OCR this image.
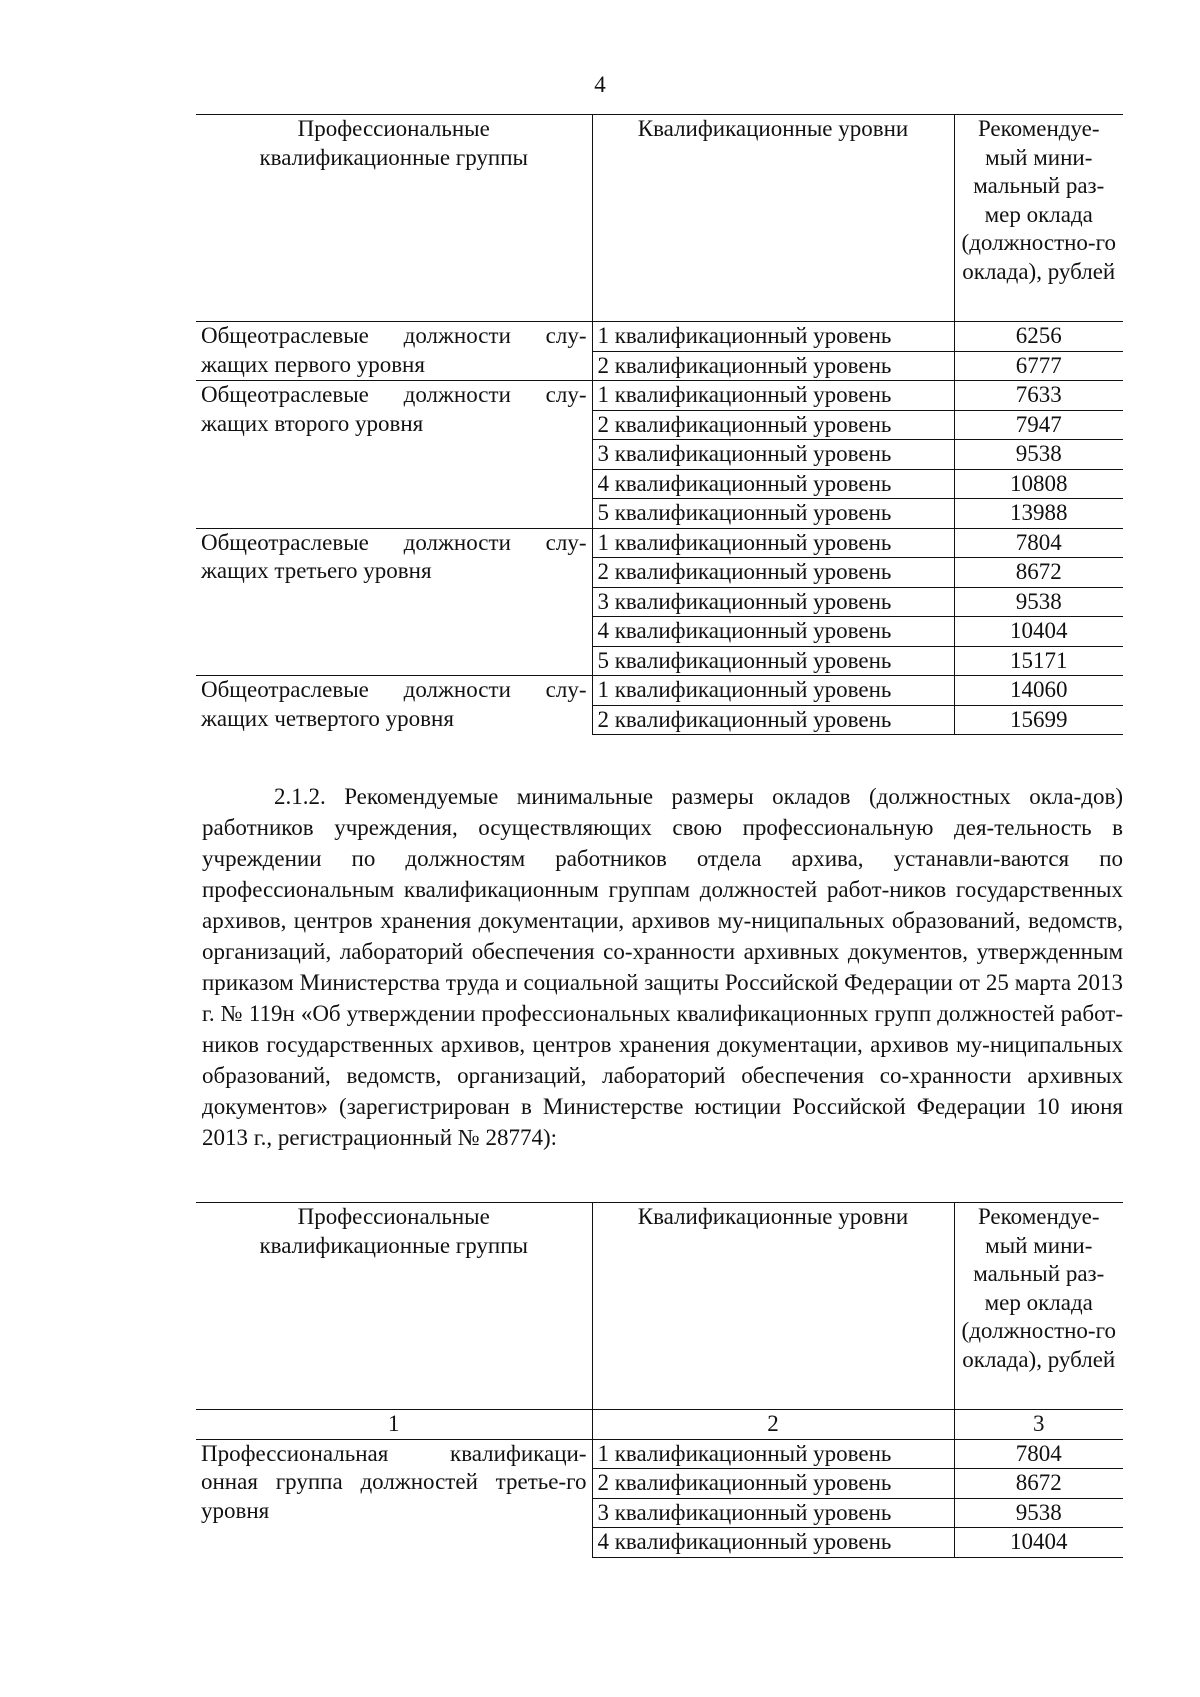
4
Профессиональные квалификационные группы	Квалификационные уровни	Рекомендуе-мый мини-мальный раз-мер оклада (должностно-го оклада), рублей
Общеотраслевые должности слу-жащих первого уровня	1 квалификационный уровень	6256
	2 квалификационный уровень	6777
Общеотраслевые должности слу-жащих второго уровня	1 квалификационный уровень	7633
	2 квалификационный уровень	7947
	3 квалификационный уровень	9538
	4 квалификационный уровень	10808
	5 квалификационный уровень	13988
Общеотраслевые должности слу-жащих третьего уровня	1 квалификационный уровень	7804
	2 квалификационный уровень	8672
	3 квалификационный уровень	9538
	4 квалификационный уровень	10404
	5 квалификационный уровень	15171
Общеотраслевые должности слу-жащих четвертого уровня	1 квалификационный уровень	14060
	2 квалификационный уровень	15699

2.1.2. Рекомендуемые минимальные размеры окладов (должностных окла-дов) работников учреждения, осуществляющих свою профессиональную дея-тельность в учреждении по должностям работников отдела архива, устанавли-ваются по профессиональным квалификационным группам должностей работ-ников государственных архивов, центров хранения документации, архивов му-ниципальных образований, ведомств, организаций, лабораторий обеспечения со-хранности архивных документов, утвержденным приказом Министерства труда и социальной защиты Российской Федерации от 25 марта 2013 г. № 119н «Об утверждении профессиональных квалификационных групп должностей работ-ников государственных архивов, центров хранения документации, архивов му-ниципальных образований, ведомств, организаций, лабораторий обеспечения со-хранности архивных документов» (зарегистрирован в Министерстве юстиции Российской Федерации 10 июня 2013 г., регистрационный № 28774):

Профессиональные квалификационные группы	Квалификационные уровни	Рекомендуе-мый мини-мальный раз-мер оклада (должностно-го оклада), рублей
1	2	3
Профессиональная квалификаци-онная группа должностей третье-го уровня	1 квалификационный уровень	7804
	2 квалификационный уровень	8672
	3 квалификационный уровень	9538
	4 квалификационный уровень	10404
